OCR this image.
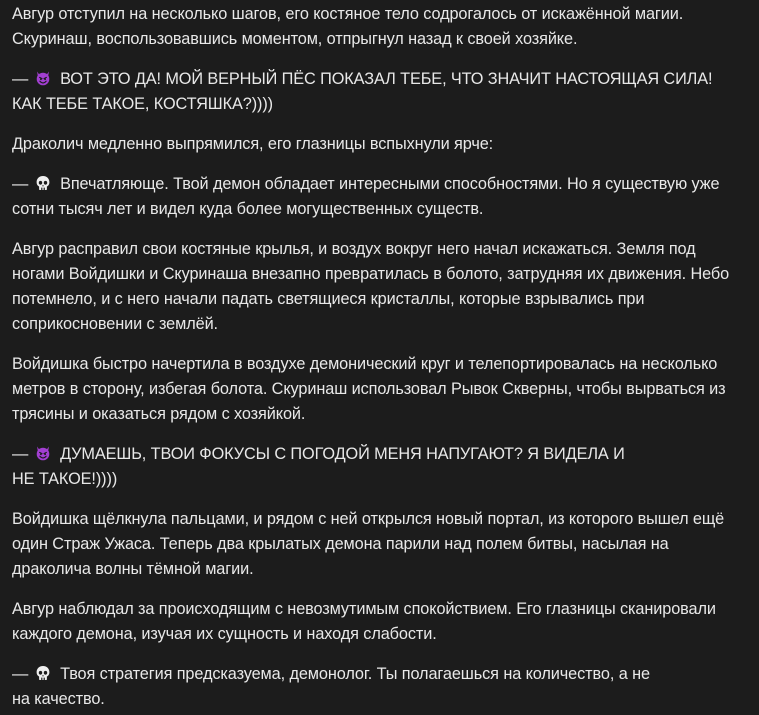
Авгур отступил на несколько шагов, его костяное тело содрогалось от искажённой магии. Скуринаш, воспользовавшись моментом, отпрыгнул назад к своей хозяйке.

— ВОТ ЭТО ДА! МОЙ ВЕРНЫЙ ПЁС ПОКАЗАЛ ТЕБЕ, ЧТО ЗНАЧИТ НАСТОЯЩАЯ СИЛА! КАК ТЕБЕ ТАКОЕ, КОСТЯШКА?))))

Драколич медленно выпрямился, его глазницы вспыхнули ярче:

— Впечатляюще. Твой демон обладает интересными способностями. Но я существую уже сотни тысяч лет и видел куда более могущественных существ.

Авгур расправил свои костяные крылья, и воздух вокруг него начал искажаться. Земля под ногами Войдишки и Скуринаша внезапно превратилась в болото, затрудняя их движения. Небо потемнело, и с него начали падать светящиеся кристаллы, которые взрывались при соприкосновении с землёй.

Войдишка быстро начертила в воздухе демонический круг и телепортировалась на несколько метров в сторону, избегая болота. Скуринаш использовал Рывок Скверны, чтобы вырваться из трясины и оказаться рядом с хозяйкой.

— ДУМАЕШЬ, ТВОИ ФОКУСЫ С ПОГОДОЙ МЕНЯ НАПУГАЮТ? Я ВИДЕЛА И
НЕ ТАКОЕ!))))

Войдишка щёлкнула пальцами, и рядом с ней открылся новый портал, из которого вышел ещё один Страж Ужаса. Теперь два крылатых демона парили над полем битвы, насылая на драколича волны тёмной магии.

Авгур наблюдал за происходящим с невозмутимым спокойствием. Его глазницы сканировали каждого демона, изучая их сущность и находя слабости.

— Твоя стратегия предсказуема, демонолог. Ты полагаешься на количество, а не
на качество.
